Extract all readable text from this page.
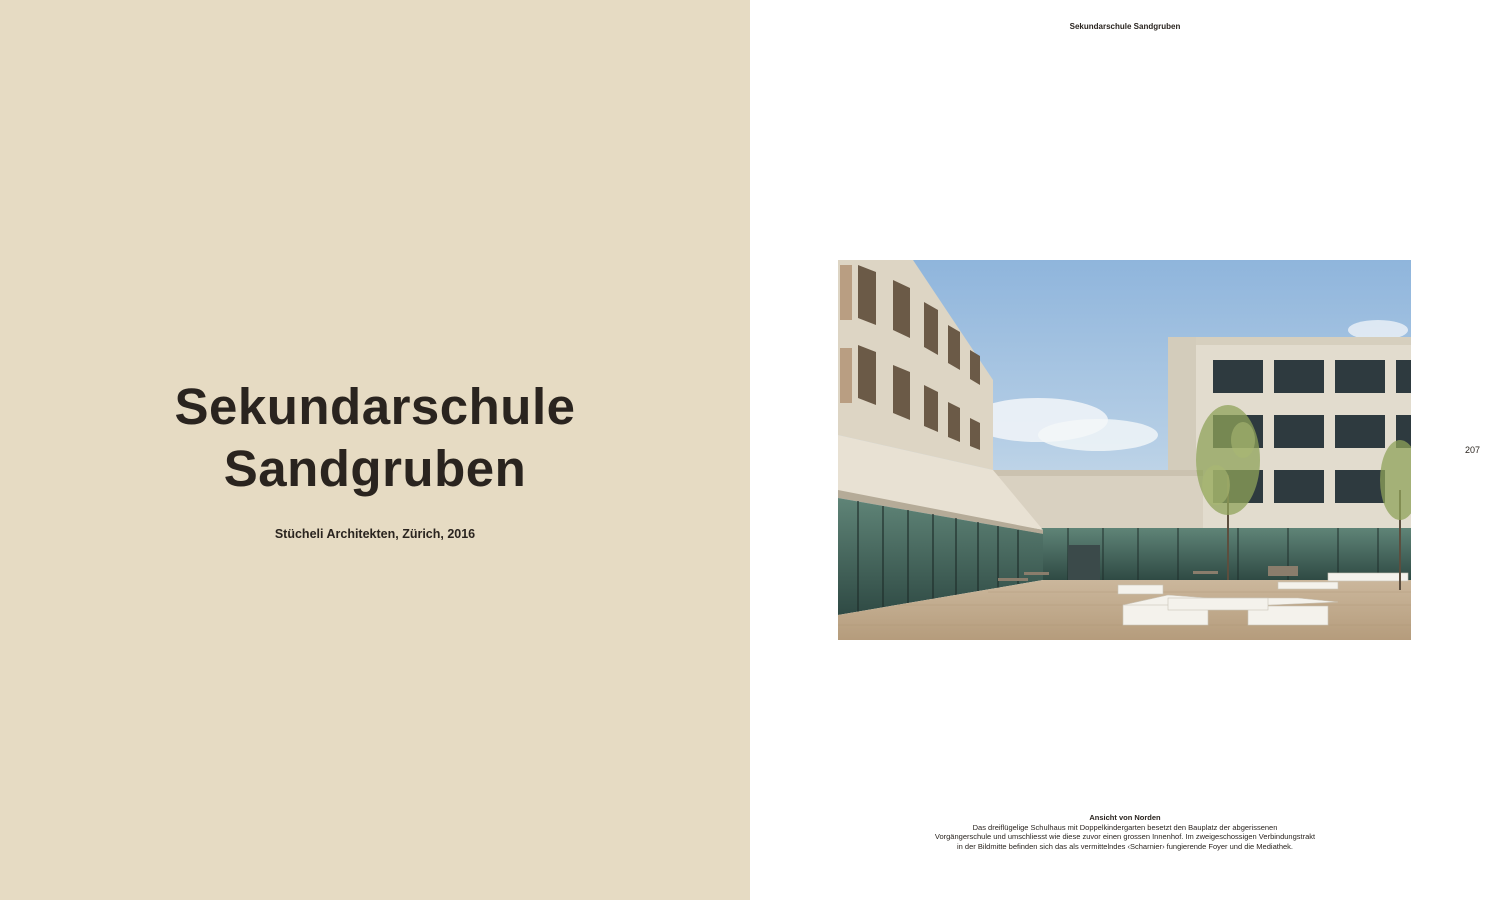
Sekundarschule
Sandgruben
Stücheli Architekten, Zürich, 2016
Sekundarschule Sandgruben
207
Ansicht von Norden
Das dreiflügelige Schulhaus mit Doppelkindergarten besetzt den Bauplatz der abgerissenen
Vorgängerschule und umschliesst wie diese zuvor einen grossen Innenhof. Im zweigeschossigen Verbindungstrakt
in der Bildmitte befinden sich das als vermittelndes ‹Scharnier› fungierende Foyer und die Mediathek.
